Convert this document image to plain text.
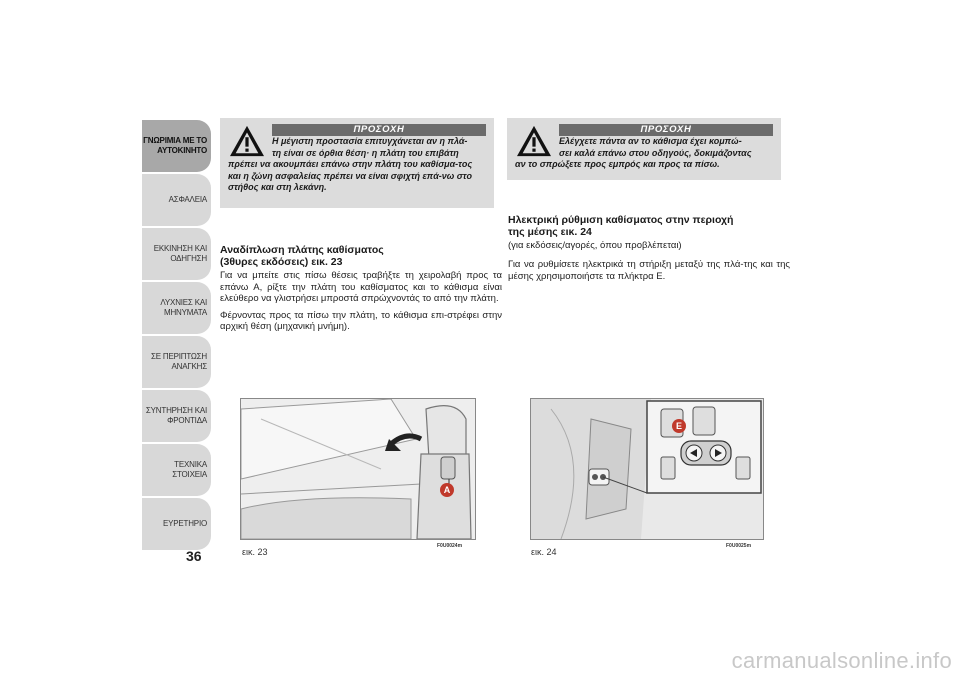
ΓΝΩΡΙΜΙΑ ΜΕ ΤΟ
ΑΥΤΟΚΙΝΗΤΟ
ΑΣΦΑΛΕΙΑ
ΕΚΚΙΝΗΣΗ ΚΑΙ
ΟΔΗΓΗΣΗ
ΛΥΧΝΙΕΣ ΚΑΙ
ΜΗΝΥΜΑΤΑ
ΣΕ ΠΕΡΙΠΤΩΣΗ
ΑΝΑΓΚΗΣ
ΣΥΝΤΗΡΗΣΗ ΚΑΙ
ΦΡΟΝΤΙΔΑ
ΤΕΧΝΙΚΑ ΣΤΟΙΧΕΙΑ
ΕΥΡΕΤΗΡΙΟ
36
ΠΡΟΣΟΧΗ
Η μέγιστη προστασία επιτυγχάνεται αν η πλά-
τη είναι σε όρθια θέση· η πλάτη του επιβάτη
πρέπει να ακουμπάει επάνω στην πλάτη του καθίσμα-τος και η ζώνη ασφαλείας πρέπει να είναι σφιχτή επά-νω στο στήθος και στη λεκάνη.
Αναδίπλωση πλάτης καθίσματος
(3θυρες εκδόσεις) εικ. 23

Για να μπείτε στις πίσω θέσεις τραβήξτε τη χειρολαβή προς τα επάνω A, ρίξτε την πλάτη του καθίσματος και το κάθισμα είναι ελεύθερο να γλιστρήσει μπροστά σπρώχνοντάς το από την πλάτη.

Φέρνοντας προς τα πίσω την πλάτη, το κάθισμα επι-στρέφει στην αρχική θέση (μηχανική μνήμη).

A
εικ. 23
F0U0024m
ΠΡΟΣΟΧΗ
Ελέγχετε πάντα αν το κάθισμα έχει κομπώ-
σει καλά επάνω στου οδηγούς, δοκιμάζοντας
αν το σπρώξετε προς εμπρός και προς τα πίσω.
Ηλεκτρική ρύθμιση καθίσματος στην περιοχή
της μέσης εικ. 24
(για εκδόσεις/αγορές, όπου προβλέπεται)

Για να ρυθμίσετε ηλεκτρικά τη στήριξη μεταξύ της πλά-της και της μέσης χρησιμοποιήστε τα πλήκτρα E.

E
εικ. 24
F0U0025m
carmanualsonline.info
